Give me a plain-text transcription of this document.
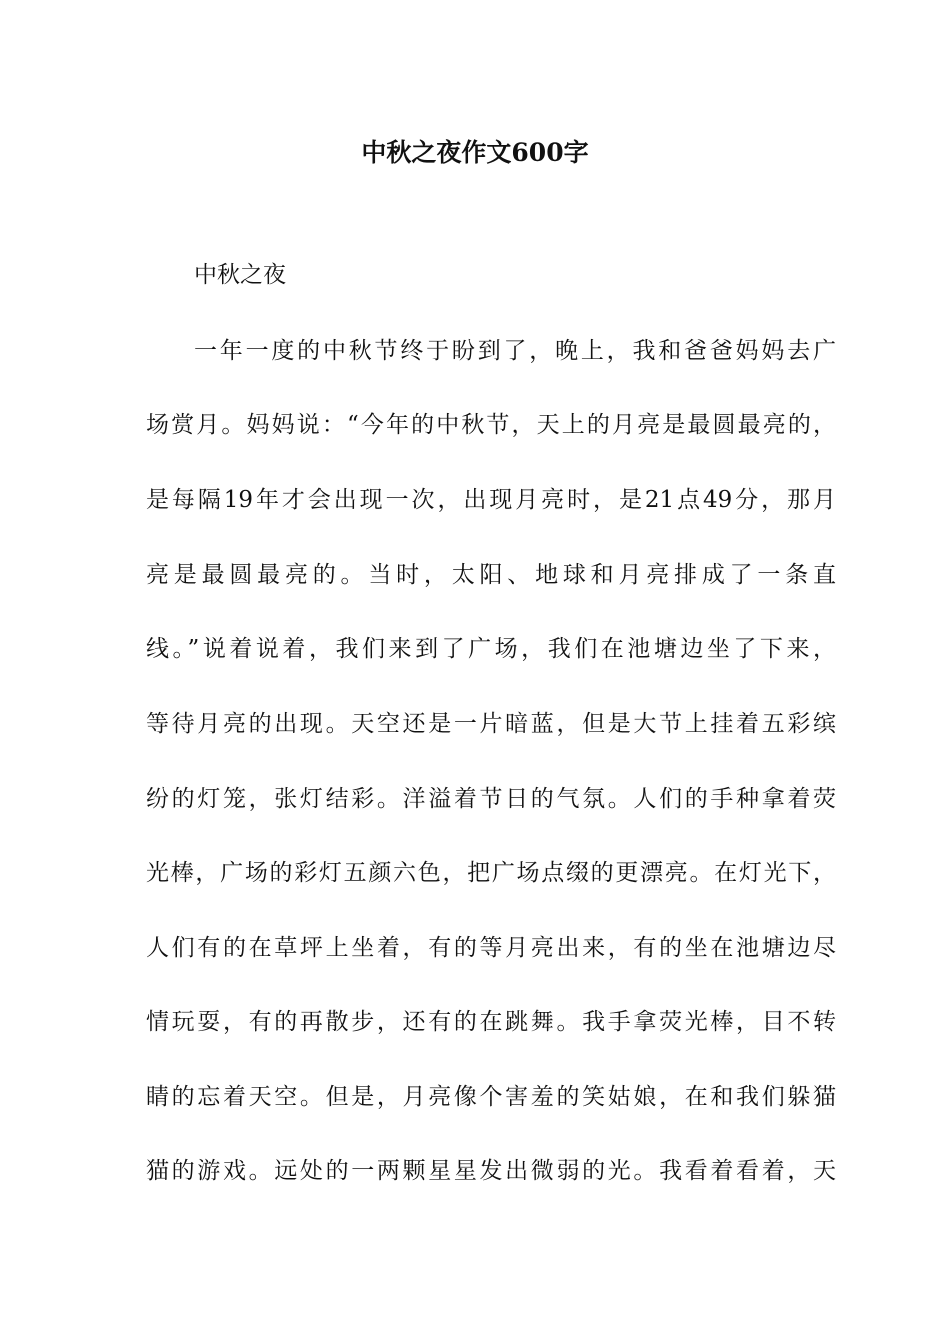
中秋之夜作文600字

中秋之夜

一年一度的中秋节终于盼到了，晚上，我和爸爸妈妈去广

场赏月。妈妈说：“今年的中秋节，天上的月亮是最圆最亮的，

是每隔19年才会出现一次，出现月亮时，是21点49分，那月

亮是最圆最亮的。当时，太阳、地球和月亮排成了一条直

线。”说着说着，我们来到了广场，我们在池塘边坐了下来，

等待月亮的出现。天空还是一片暗蓝，但是大节上挂着五彩缤

纷的灯笼，张灯结彩。洋溢着节日的气氛。人们的手种拿着荧

光棒，广场的彩灯五颜六色，把广场点缀的更漂亮。在灯光下，

人们有的在草坪上坐着，有的等月亮出来，有的坐在池塘边尽

情玩耍，有的再散步，还有的在跳舞。我手拿荧光棒，目不转

睛的忘着天空。但是，月亮像个害羞的笑姑娘，在和我们躲猫

猫的游戏。远处的一两颗星星发出微弱的光。我看着看着，天
